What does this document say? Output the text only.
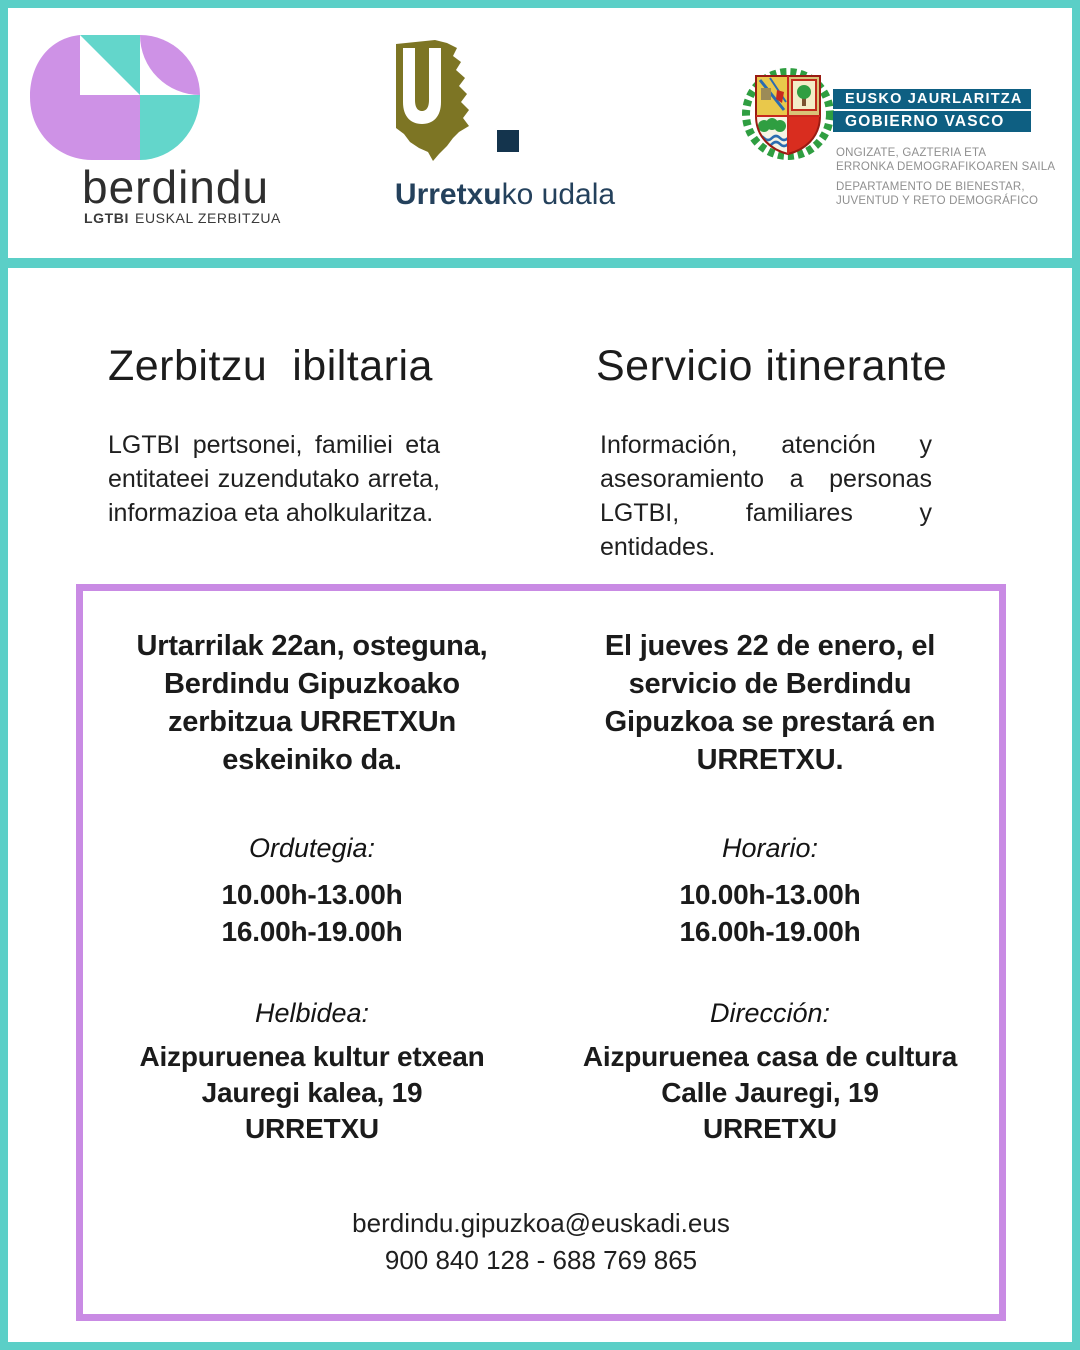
berdindu
LGTBI EUSKAL ZERBITZUA
Urretxuko udala
EUSKO JAURLARITZA
GOBIERNO VASCO
ONGIZATE, GAZTERIA ETA
ERRONKA DEMOGRAFIKOAREN SAILA
DEPARTAMENTO DE BIENESTAR,
JUVENTUD Y RETO DEMOGRÁFICO
Zerbitzu  ibiltaria	Servicio itinerante
LGTBI pertsonei, familiei eta entitateei zuzendutako arreta, informazioa eta aholkularitza.
Información, atención y asesoramiento a personas LGTBI, familiares y entidades.
Urtarrilak 22an, osteguna,
Berdindu Gipuzkoako
zerbitzua URRETXUn
eskeiniko da.
Ordutegia:
10.00h-13.00h
16.00h-19.00h
Helbidea:
Aizpuruenea kultur etxean
Jauregi kalea, 19
URRETXU
El jueves 22 de enero, el
servicio de Berdindu
Gipuzkoa se prestará en
URRETXU.
Horario:
10.00h-13.00h
16.00h-19.00h
Dirección:
Aizpuruenea casa de cultura
Calle Jauregi, 19
URRETXU
berdindu.gipuzkoa@euskadi.eus
900 840 128 - 688 769 865
